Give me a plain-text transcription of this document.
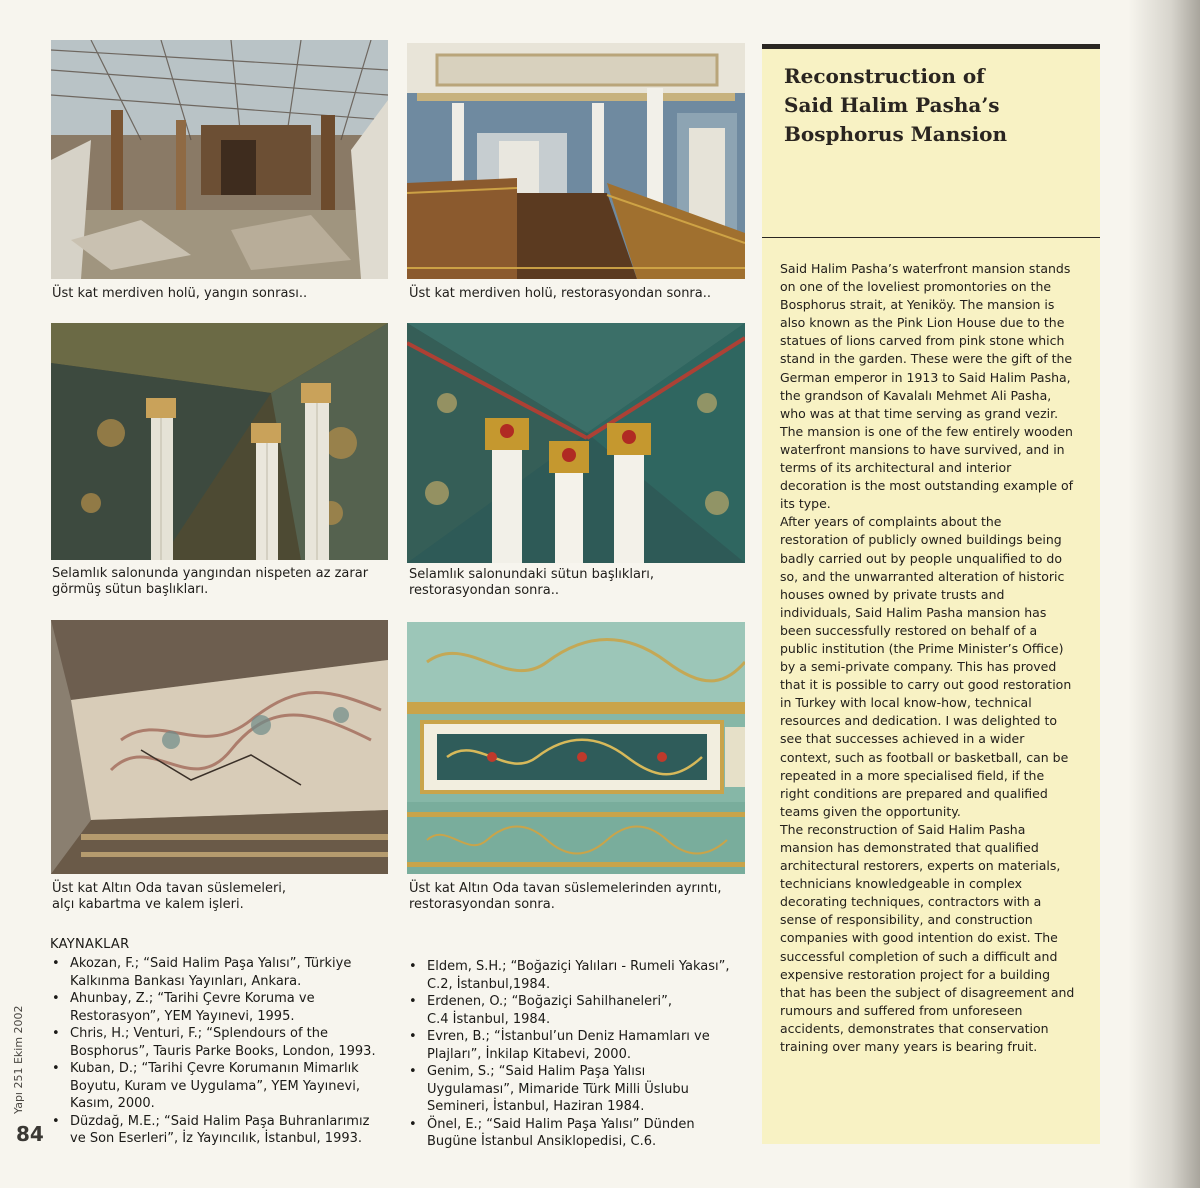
Üst kat merdiven holü, yangın sonrası..	Üst kat merdiven holü, restorasyondan sonra..
Selamlık salonunda yangından nispeten az zarar
görmüş sütun başlıkları.
Selamlık salonundaki sütun başlıkları,
restorasyondan sonra..
Üst kat Altın Oda tavan süslemeleri,
alçı kabartma ve kalem işleri.
Üst kat Altın Oda tavan süslemelerinden ayrıntı,
restorasyondan sonra.
KAYNAKLAR
• Akozan, F.; “Said Halim Paşa Yalısı”, Türkiye
Kalkınma Bankası Yayınları, Ankara.
• Ahunbay, Z.; “Tarihi Çevre Koruma ve
Restorasyon”, YEM Yayınevi, 1995.
• Chris, H.; Venturi, F.; “Splendours of the
Bosphorus”, Tauris Parke Books, London, 1993.
• Kuban, D.; “Tarihi Çevre Korumanın Mimarlık
Boyutu, Kuram ve Uygulama”, YEM Yayınevi,
Kasım, 2000.
• Düzdağ, M.E.; “Said Halim Paşa Buhranlarımız
ve Son Eserleri”, İz Yayıncılık, İstanbul, 1993.
• Eldem, S.H.; “Boğaziçi Yalıları - Rumeli Yakası”,
C.2, İstanbul,1984.
• Erdenen, O.; “Boğaziçi Sahilhaneleri”,
C.4 İstanbul, 1984.
• Evren, B.; “İstanbul’un Deniz Hamamları ve
Plajları”, İnkilap Kitabevi, 2000.
• Genim, S.; “Said Halim Paşa Yalısı
Uygulaması”, Mimaride Türk Milli Üslubu
Semineri, İstanbul, Haziran 1984.
• Önel, E.; “Said Halim Paşa Yalısı” Dünden
Bugüne İstanbul Ansiklopedisi, C.6.
Yapı 251 Ekim 2002
84
Reconstruction of
Said Halim Pasha’s
Bosphorus Mansion
Said Halim Pasha’s waterfront mansion stands
on one of the loveliest promontories on the
Bosphorus strait, at Yeniköy. The mansion is
also known as the Pink Lion House due to the
statues of lions carved from pink stone which
stand in the garden. These were the gift of the
German emperor in 1913 to Said Halim Pasha,
the grandson of Kavalalı Mehmet Ali Pasha,
who was at that time serving as grand vezir.
The mansion is one of the few entirely wooden
waterfront mansions to have survived, and in
terms of its architectural and interior
decoration is the most outstanding example of
its type.
After years of complaints about the
restoration of publicly owned buildings being
badly carried out by people unqualified to do
so, and the unwarranted alteration of historic
houses owned by private trusts and
individuals, Said Halim Pasha mansion has
been successfully restored on behalf of a
public institution (the Prime Minister’s Office)
by a semi-private company. This has proved
that it is possible to carry out good restoration
in Turkey with local know-how, technical
resources and dedication. I was delighted to
see that successes achieved in a wider
context, such as football or basketball, can be
repeated in a more specialised field, if the
right conditions are prepared and qualified
teams given the opportunity.
The reconstruction of Said Halim Pasha
mansion has demonstrated that qualified
architectural restorers, experts on materials,
technicians knowledgeable in complex
decorating techniques, contractors with a
sense of responsibility, and construction
companies with good intention do exist. The
successful completion of such a difficult and
expensive restoration project for a building
that has been the subject of disagreement and
rumours and suffered from unforeseen
accidents, demonstrates that conservation
training over many years is bearing fruit.
